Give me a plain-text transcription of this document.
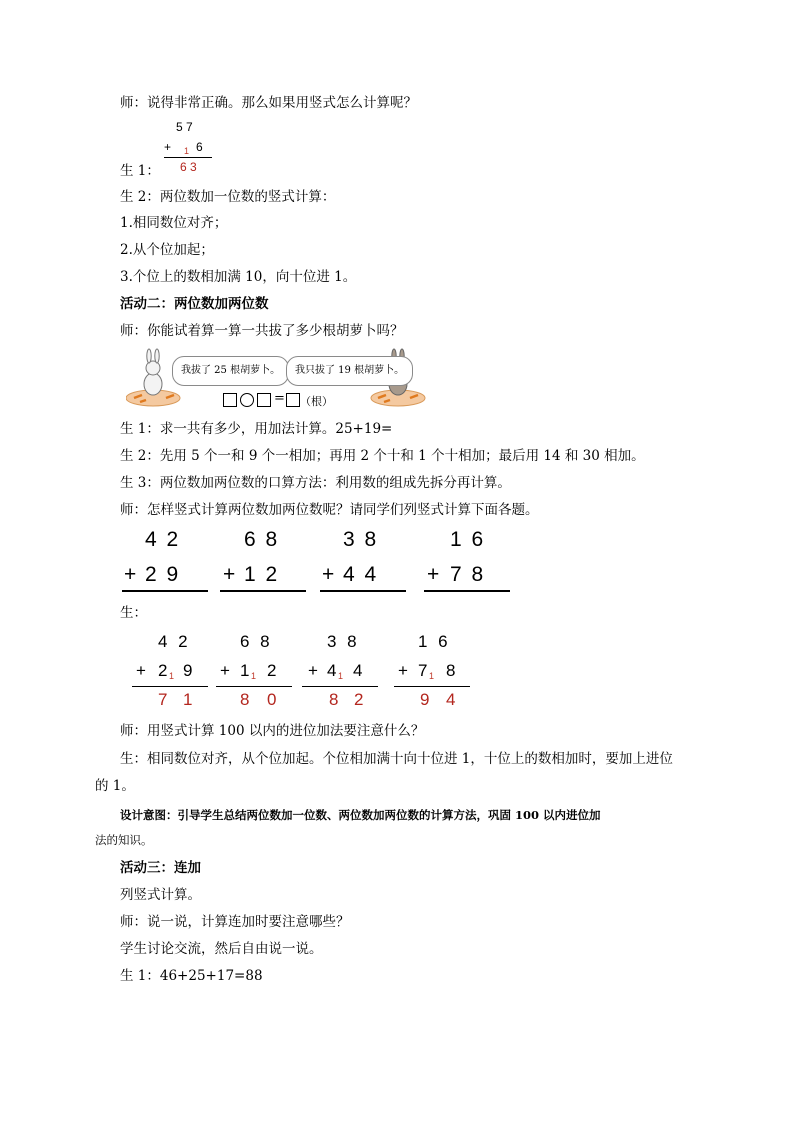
师：说得非常正确。那么如果用竖式怎么计算呢？
5 7
+ 1 6
6 3
生 1：
生 2：两位数加一位数的竖式计算：
1.相同数位对齐；
2.从个位加起；
3.个位上的数相加满 10，向十位进 1。
活动二：两位数加两位数
师：你能试着算一算一共拔了多少根胡萝卜吗？
我拔了 25 根胡萝卜。	我只拔了 19 根胡萝卜。
= （根）
生 1：求一共有多少，用加法计算。25+19=
生 2：先用 5 个一和 9 个一相加；再用 2 个十和 1 个十相加；最后用 14 和 30 相加。
生 3：两位数加两位数的口算方法：利用数的组成先拆分再计算。
师：怎样竖式计算两位数加两位数呢？请同学们列竖式计算下面各题。
4 2
+ 2 9
6 8
+ 1 2
3 8
+ 4 4
1 6
+ 7 8
生：
4 2
+ 2 1 9
7 1
6 8
+ 1 1 2
8 0
3 8
+ 4 1 4
8 2
1 6
+ 7 1 8
9 4
师：用竖式计算 100 以内的进位加法要注意什么？
生：相同数位对齐，从个位加起。个位相加满十向十位进 1，十位上的数相加时，要加上进位
的 1。
设计意图：引导学生总结两位数加一位数、两位数加两位数的计算方法，巩固 100 以内进位加
法的知识。
活动三：连加
列竖式计算。
师：说一说，计算连加时要注意哪些？
学生讨论交流，然后自由说一说。
生 1：46+25+17=88
